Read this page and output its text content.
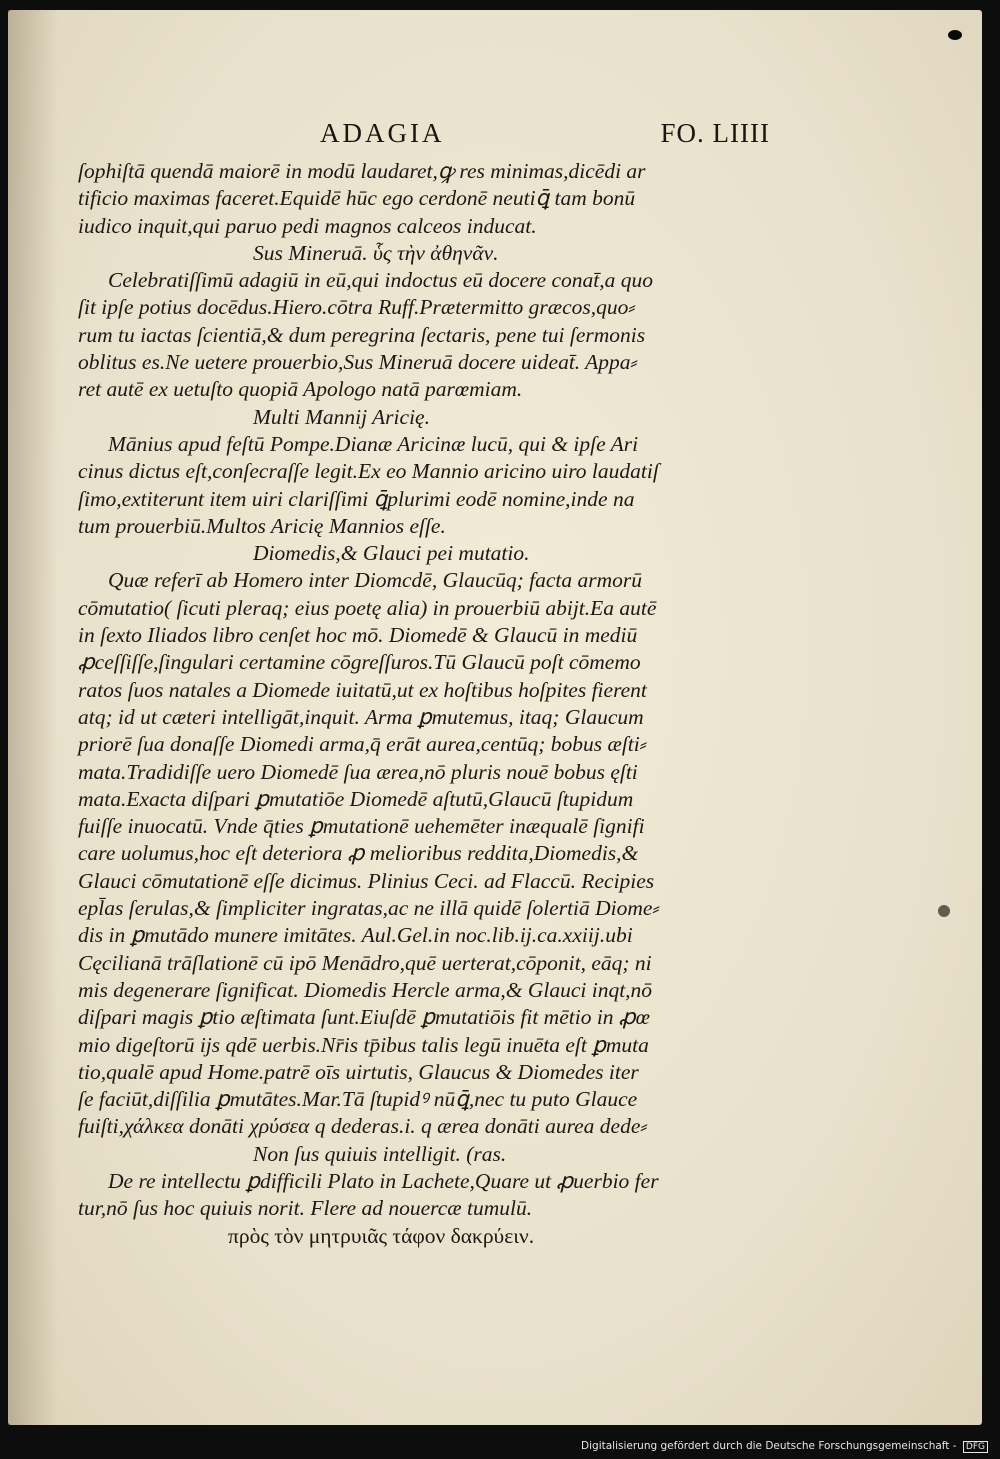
ADAGIA	FO. LIIII
ſophiſtā quendā maiorē in modū laudaret,ꝙ res minimas,dicēdi ar
tificio maximas faceret.Equidē hūc ego cerdonē neutiꝗ̄ tam bonū
iudico inquit,qui paruo pedi magnos calceos inducat.
Sus Mineruā. ὗς τὴν ἀθηνᾶν.
Celebratiſſimū adagiū in eū,qui indoctus eū docere conat̄,a quo
ſit ipſe potius docēdus.Hiero.cōtra Ruff.Prætermitto græcos,quo⸗
rum tu iactas ſcientiā,& dum peregrina ſectaris, pene tui ſermonis
oblitus es.Ne uetere prouerbio,Sus Mineruā docere uideat̄. Appa⸗
ret autē ex uetuſto quopiā Apologo natā parœmiam.
Multi Mannij Aricię.
Mānius apud feſtū Pompe.Dianæ Aricinæ lucū, qui & ipſe Ari
cinus dictus eſt,conſecraſſe legit.Ex eo Mannio aricino uiro laudatiſ
ſimo,extiterunt item uiri clariſſimi ꝗ̄plurimi eodē nomine,inde na
tum prouerbiū.Multos Aricię Mannios eſſe.
Diomedis,& Glauci pei mutatio.
Quæ referī ab Homero inter Diomcdē, Glaucūq; facta armorū
cōmutatio( ſicuti pleraq; eius poetę alia) in prouerbiū abijt.Ea autē
in ſexto Iliados libro cenſet hoc mō. Diomedē & Glaucū in mediū
ꝓceſſiſſe,ſingulari certamine cōgreſſuros.Tū Glaucū poſt cōmemo
ratos ſuos natales a Diomede iuitatū,ut ex hoſtibus hoſpites fierent
atq; id ut cæteri intelligāt,inquit. Arma ꝑmutemus, itaq; Glaucum
priorē ſua donaſſe Diomedi arma,q̄ erāt aurea,centūq; bobus æſti⸗
mata.Tradidiſſe uero Diomedē ſua ærea,nō pluris nouē bobus ęſti
mata.Exacta diſpari ꝑmutatiōe Diomedē aſtutū,Glaucū ſtupidum
fuiſſe inuocatū. Vnde q̄ties ꝑmutationē uehemēter inæqualē ſignifi
care uolumus,hoc eſt deteriora ꝓ melioribus reddita,Diomedis,&
Glauci cōmutationē eſſe dicimus. Plinius Ceci. ad Flaccū. Recipies
epl̄as ſerulas,& ſimpliciter ingratas,ac ne illā quidē ſolertiā Diome⸗
dis in ꝑmutādo munere imitātes. Aul.Gel.in noc.lib.ij.ca.xxiij.ubi
Cęcilianā trāſlationē cū ipō Menādro,quē uerterat,cōponit, eāq; ni
mis degenerare ſignificat. Diomedis Hercle arma,& Glauci inqt,nō
diſpari magis ꝑtio æſtimata ſunt.Eiuſdē ꝑmutatiōis fit mētio in ꝓœ
mio digeſtorū ijs qdē uerbis.Nr̄is tp̄ibus talis legū inuēta eſt ꝑmuta
tio,qualē apud Home.patrē oīs uirtutis, Glaucus & Diomedes iter
ſe faciūt,diſſilia ꝑmutātes.Mar.Tā ſtupidꝰ nūꝗ̄,nec tu puto Glauce
fuiſti,χάλκεα donāti χρύσεα q dederas.i. q ærea donāti aurea dede⸗
Non ſus quiuis intelligit. (ras.
De re intellectu ꝑdifficili Plato in Lachete,Quare ut ꝓuerbio fer
tur,nō ſus hoc quiuis norit. Flere ad nouercæ tumulū.
πρὸς τὸν μητρυιᾶς τάφον δακρύειν.
Digitalisierung gefördert durch die Deutsche Forschungsgemeinschaft - DFG
